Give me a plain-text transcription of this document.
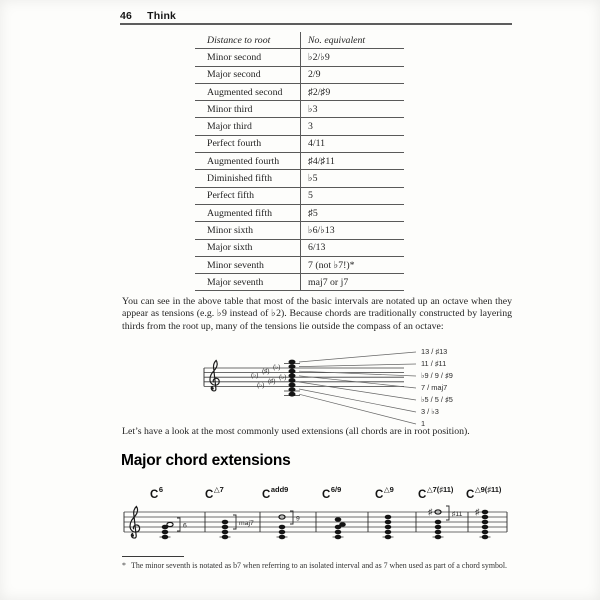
46 Think
Distance to root	No. equivalent
Minor second	♭2/♭9
Major second	2/9
Augmented second	♯2/♯9
Minor third	♭3
Major third	3
Perfect fourth	4/11
Augmented fourth	♯4/♯11
Diminished fifth	♭5
Perfect fifth	5
Augmented fifth	♯5
Minor sixth	♭6/♭13
Major sixth	6/13
Minor seventh	7 (not ♭7!)*
Major seventh	maj7 or j7
You can see in the above table that most of the basic intervals are notated up an octave when they appear as tensions (e.g. ♭9 instead of ♭2). Because chords are traditionally constructed by layering thirds from the root up, many of the tensions lie outside the compass of an octave:
(♭)
(♯)
(♭)
(♭)
(♯)
(♭)
13 / ♯13
11 / ♯11
♭9 / 9 / ♯9
7 / maj7
♭5 / 5 / ♯5
3 / ♭3
1
Let’s have a look at the most commonly used extensions (all chords are in root position).
Major chord extensions
$C^6$	$C^{\triangle 7}$	$C^{add9}$	$C^{6/9}$	$C^{\triangle 9}$ $C^{\triangle 7(♯11)}$ $C^{\triangle 9(♯11)}$
6	maj7
9
♯	♯11 ♯
* The minor seventh is notated as b7 when referring to an isolated interval and as 7 when used as part of a chord symbol.
